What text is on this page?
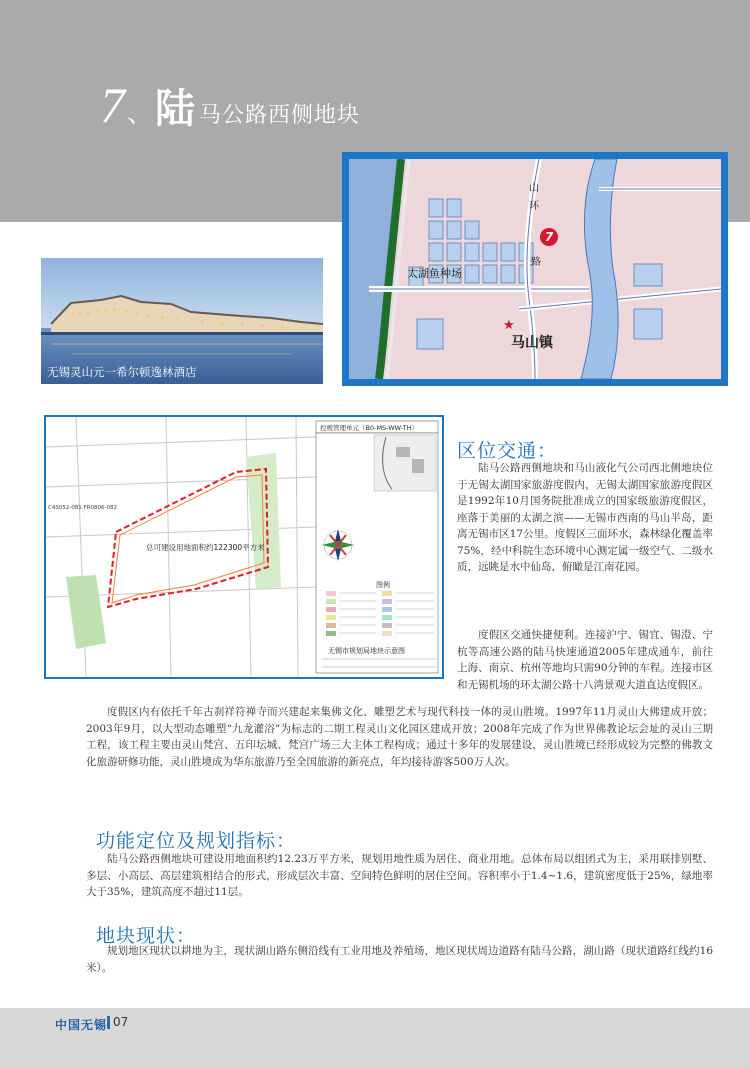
7 、 陆 马公路西侧地块
7
太湖鱼种场
马山镇
★
山
环
路
无锡灵山元一希尔顿逸林酒店
总可建设用地面积约122300平方米
控规管理单元（B0-MS-WW-TH）
图例
无锡市规划局地块示意图
C4S052-081 FR0806-082
区位交通：

陆马公路西侧地块和马山液化气公司西北侧地块位于无锡太湖国家旅游度假内，无锡太湖国家旅游度假区是1992年10月国务院批准成立的国家级旅游度假区，座落于美丽的太湖之滨——无锡市西南的马山半岛，距离无锡市区17公里。度假区三面环水，森林绿化覆盖率75%，经中科院生态环境中心测定属一级空气、二级水质，远眺是水中仙岛，俯瞰是江南花园。

度假区交通快捷便利。连接沪宁、锡宜、锡澄、宁杭等高速公路的陆马快速通道2005年建成通车，前往上海、南京、杭州等地均只需90分钟的车程。连接市区和无锡机场的环太湖公路十八湾景观大道直达度假区。

度假区内有依托千年古刹祥符禅寺而兴建起来集佛文化、雕塑艺术与现代科技一体的灵山胜境。1997年11月灵山大佛建成开放；2003年9月，以大型动态雕塑“九龙灌浴”为标志的二期工程灵山文化园区建成开放；2008年完成了作为世界佛教论坛会址的灵山三期工程，该工程主要由灵山梵宫、五印坛城、梵宫广场三大主体工程构成；通过十多年的发展建设，灵山胜境已经形成较为完整的佛教文化旅游研修功能，灵山胜境成为华东旅游乃至全国旅游的新亮点，年均接待游客500万人次。

功能定位及规划指标：

陆马公路西侧地块可建设用地面积约12.23万平方米，规划用地性质为居住、商业用地。总体布局以组团式为主，采用联排别墅、多层、小高层、高层建筑相结合的形式，形成层次丰富、空间特色鲜明的居住空间。容积率小于1.4~1.6，建筑密度低于25%，绿地率大于35%，建筑高度不超过11层。

地块现状：

规划地区现状以耕地为主，现状湖山路东侧沿线有工业用地及养殖场，地区现状周边道路有陆马公路，湖山路（现状道路红线约16米）。

中国无锡 07
